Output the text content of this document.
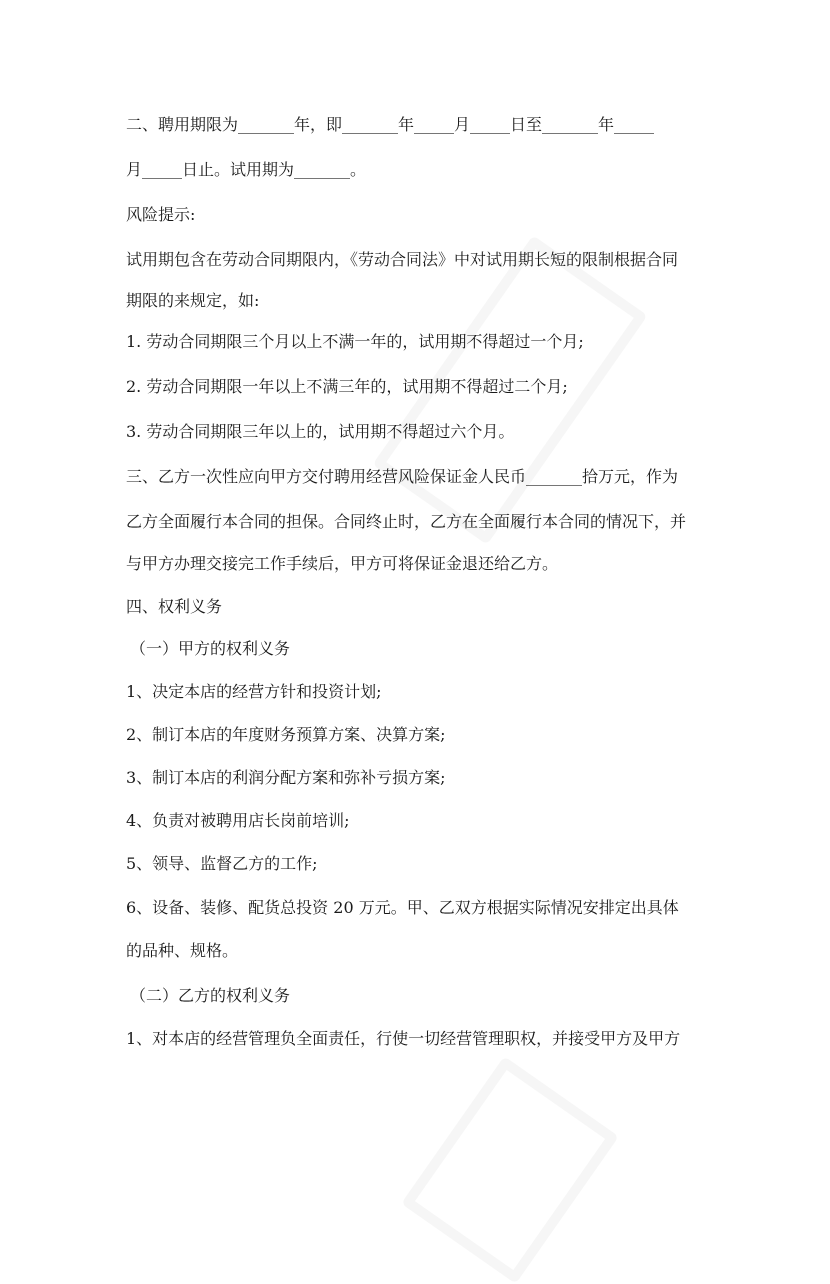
二、聘用期限为_______年，即_______年_____月_____日至_______年_____
月_____日止。试用期为_______。
风险提示:
试用期包含在劳动合同期限内，《劳动合同法》中对试用期长短的限制根据合同
期限的来规定，如:
1. 劳动合同期限三个月以上不满一年的，试用期不得超过一个月;
2. 劳动合同期限一年以上不满三年的，试用期不得超过二个月;
3. 劳动合同期限三年以上的，试用期不得超过六个月。
三、乙方一次性应向甲方交付聘用经营风险保证金人民币_______拾万元，作为
乙方全面履行本合同的担保。合同终止时，乙方在全面履行本合同的情况下，并
与甲方办理交接完工作手续后，甲方可将保证金退还给乙方。
四、权利义务
（一）甲方的权利义务
1、决定本店的经营方针和投资计划;
2、制订本店的年度财务预算方案、决算方案;
3、制订本店的利润分配方案和弥补亏损方案;
4、负责对被聘用店长岗前培训;
5、领导、监督乙方的工作;
6、设备、装修、配货总投资 20 万元。甲、乙双方根据实际情况安排定出具体
的品种、规格。
（二）乙方的权利义务
1、对本店的经营管理负全面责任，行使一切经营管理职权，并接受甲方及甲方
